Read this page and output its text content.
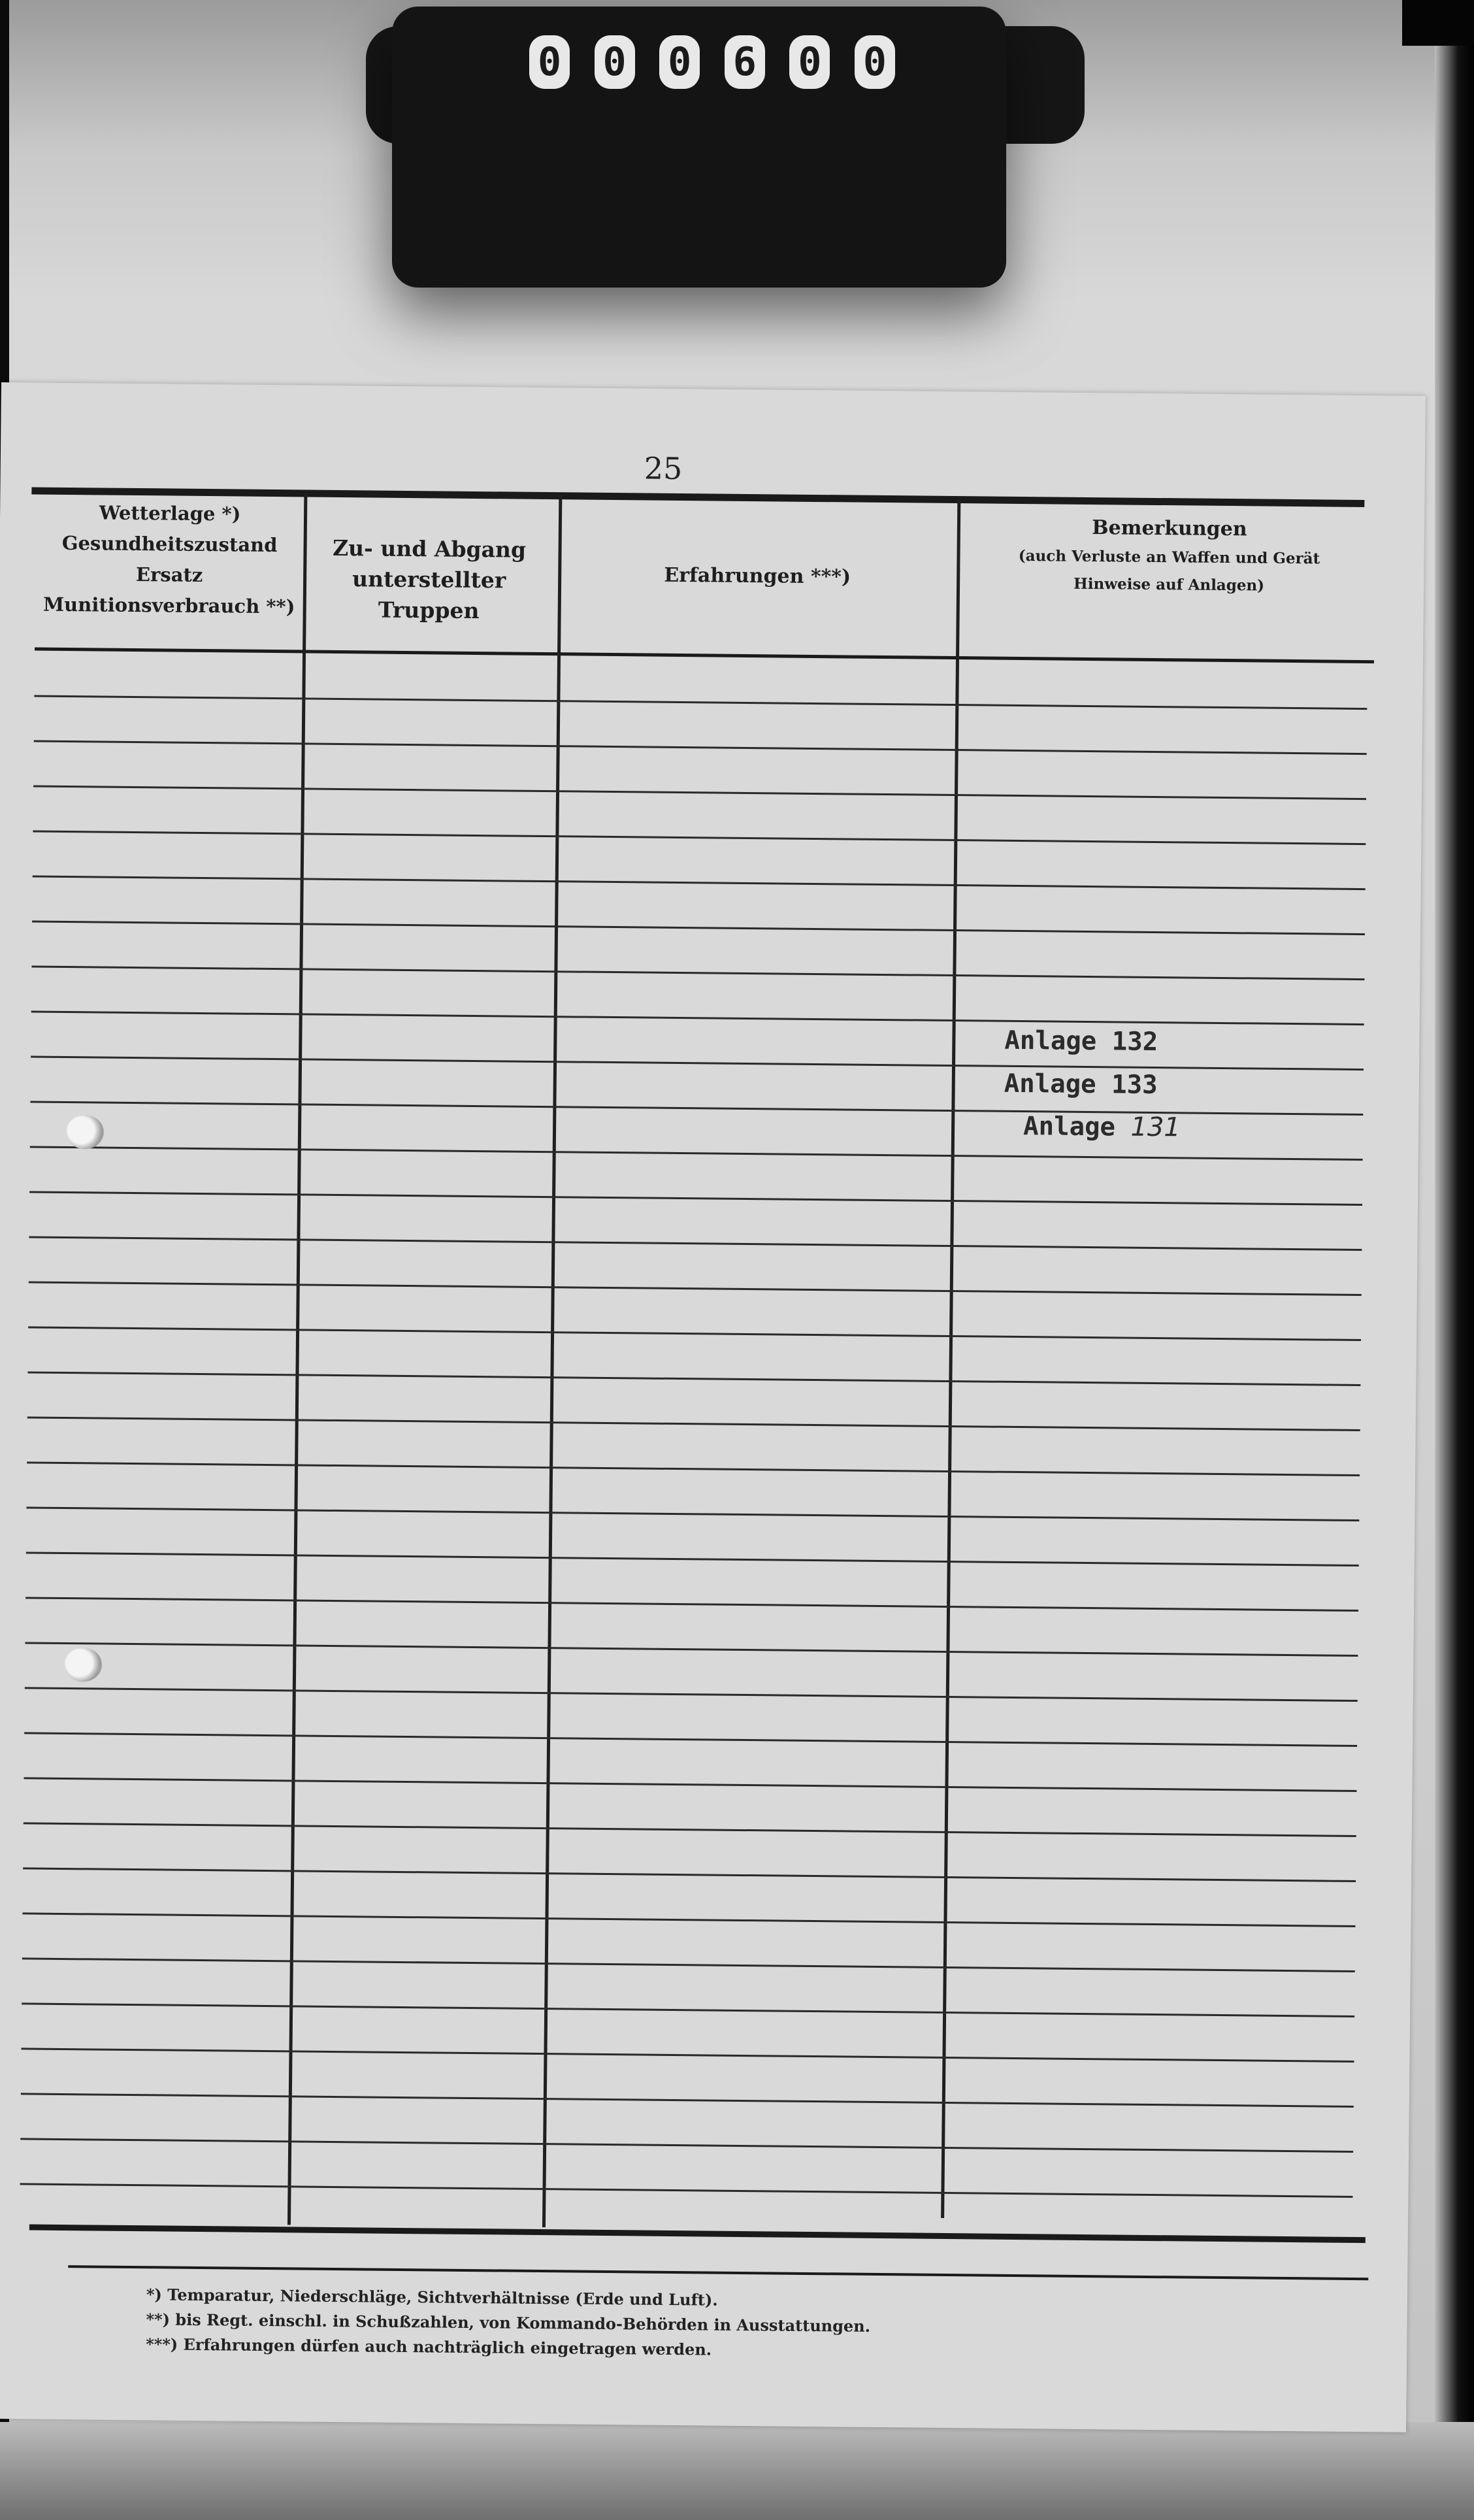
0 0 0 6 0 0
25
Wetterlage *)
Gesundheitszustand
Ersatz
Munitionsverbrauch **)
Zu- und Abgang
unterstellter Truppen
Erfahrungen ***)
Bemerkungen
(auch Verluste an Waffen und Gerät
Hinweise auf Anlagen)
Anlage 132
Anlage 133
Anlage 131
*) Temparatur, Niederschläge, Sichtverhältnisse (Erde und Luft).
**) bis Regt. einschl. in Schußzahlen, von Kommando-Behörden in Ausstattungen.
***) Erfahrungen dürfen auch nachträglich eingetragen werden.
